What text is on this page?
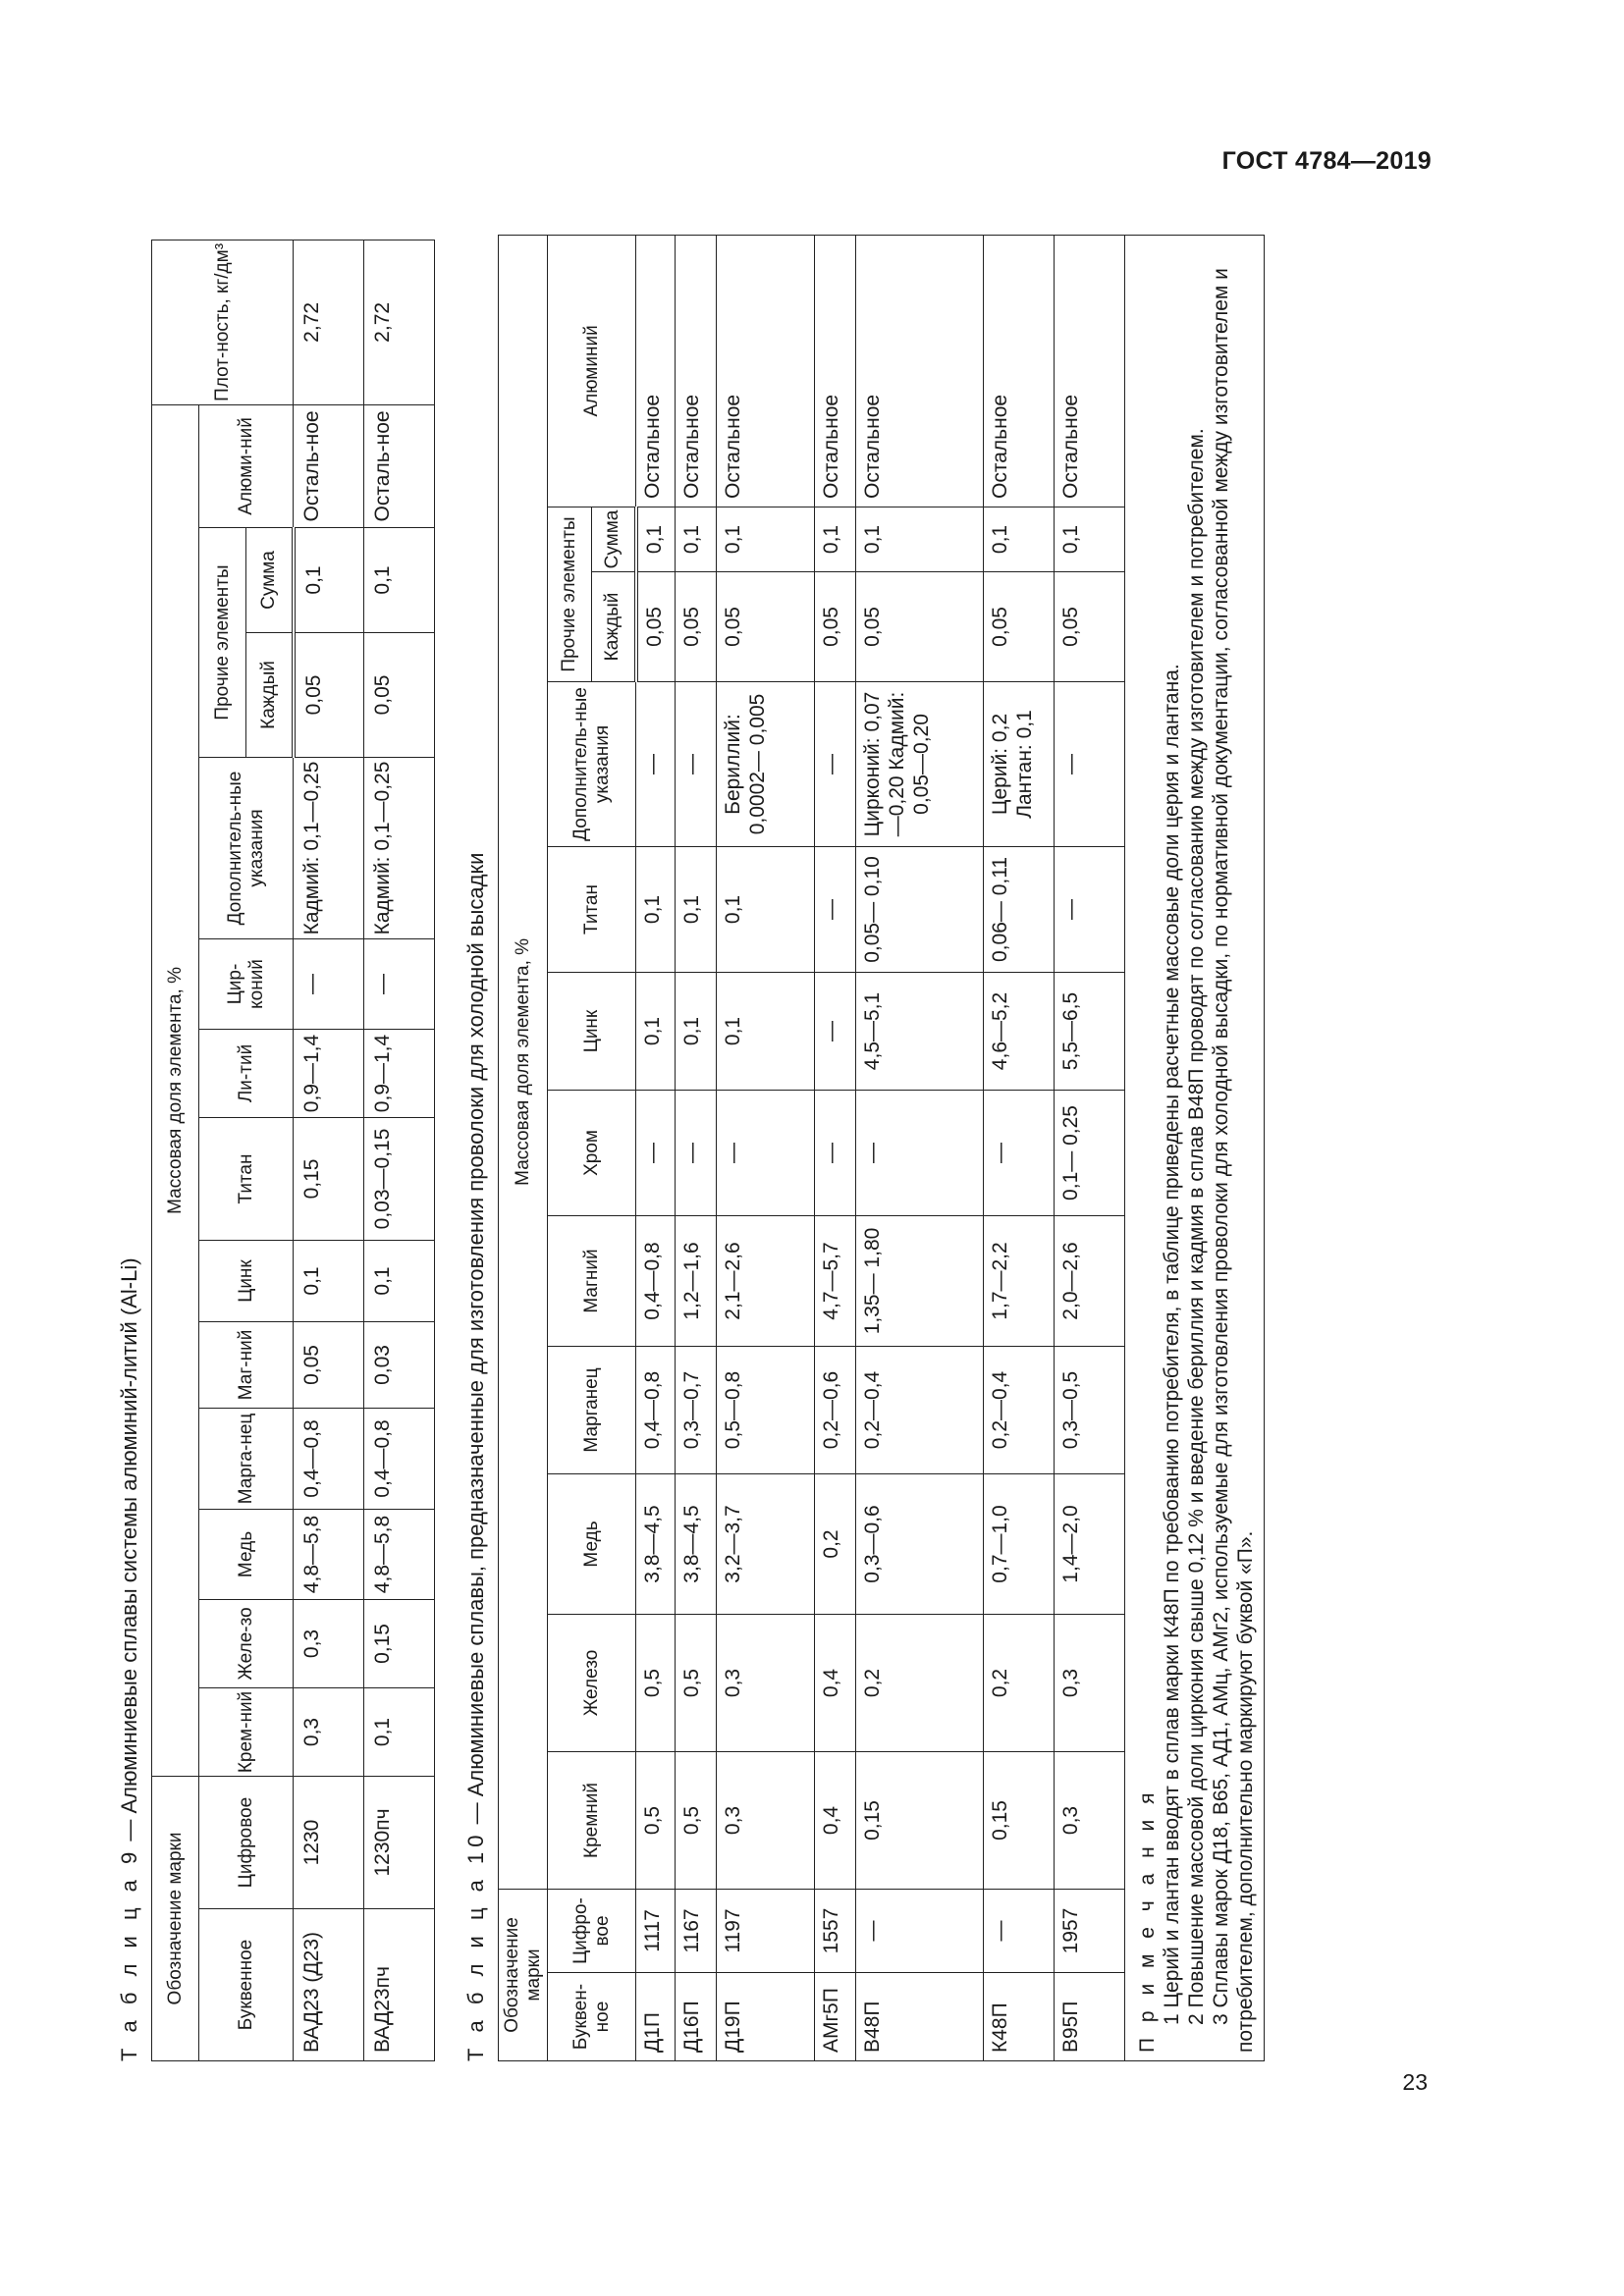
ГОСТ 4784—2019
Т а б л и ц а 9 — Алюминиевые сплавы системы алюминий-литий (Al-Li)
Обозначение марки		Массовая доля элемента, %													Плот-ность, кг/дм³
Буквенное	Цифровое	Крем-ний	Желе-зо	Медь	Марга-нец	Маг-ний	Цинк	Титан	Ли-тий	Цир-коний	Дополнитель-ные указания	Прочие элементы		Алюми-ний	
												Каждый	Сумма		
ВАД23 (Д23)	1230	0,3	0,3	4,8—5,8	0,4—0,8	0,05	0,1	0,15	0,9—1,4	—	Кадмий: 0,1—0,25	0,05	0,1	Осталь-ное	2,72
ВАД23пч	1230пч	0,1	0,15	4,8—5,8	0,4—0,8	0,03	0,1	0,03—0,15	0,9—1,4	—	Кадмий: 0,1—0,25	0,05	0,1	Осталь-ное	2,72
Т а б л и ц а 10 — Алюминиевые сплавы, предназначенные для изготовления проволоки для холодной высадки
Обозначение марки		Массовая доля элемента, %											
Буквен-ное	Цифро-вое	Кремний	Железо	Медь	Марганец	Магний	Хром	Цинк	Титан	Дополнитель-ные указания	Прочие элементы		Алюминий
											Каждый	Сумма	
Д1П	1117	0,5	0,5	3,8—4,5	0,4—0,8	0,4—0,8	—	0,1	0,1	—	0,05	0,1	Остальное
Д16П	1167	0,5	0,5	3,8—4,5	0,3—0,7	1,2—1,6	—	0,1	0,1	—	0,05	0,1	Остальное
Д19П	1197	0,3	0,3	3,2—3,7	0,5—0,8	2,1—2,6	—	0,1	0,1	Бериллий: 0,0002— 0,005	0,05	0,1	Остальное
АМг5П	1557	0,4	0,4	0,2	0,2—0,6	4,7—5,7	—	—	—	—	0,05	0,1	Остальное
В48П	—	0,15	0,2	0,3—0,6	0,2—0,4	1,35— 1,80	—	4,5—5,1	0,05— 0,10	Цирконий: 0,07—0,20 Кадмий: 0,05—0,20	0,05	0,1	Остальное
К48П	—	0,15	0,2	0,7—1,0	0,2—0,4	1,7—2,2	—	4,6—5,2	0,06— 0,11	Церий: 0,2 Лантан: 0,1	0,05	0,1	Остальное
В95П	1957	0,3	0,3	1,4—2,0	0,3—0,5	2,0—2,6	0,1— 0,25	5,5—6,5	—	—	0,05	0,1	Остальное

П р и м е ч а н и я 1 Церий и лантан вводят в сплав марки К48П по требованию потребителя, в таблице приведены расчетные массовые доли церия и лантана. 2 Повышение массовой доли циркония свыше 0,12 % и введение бериллия и кадмия в сплав В48П проводят по согласованию между изготовителем и потребителем. 3 Сплавы марок Д18, В65, АД1, АМц, АМг2, используемые для изготовления проволоки для холодной высадки, по нормативной документации, согласованной между изготовителем и потребителем, дополнительно маркируют буквой «П».													
23
